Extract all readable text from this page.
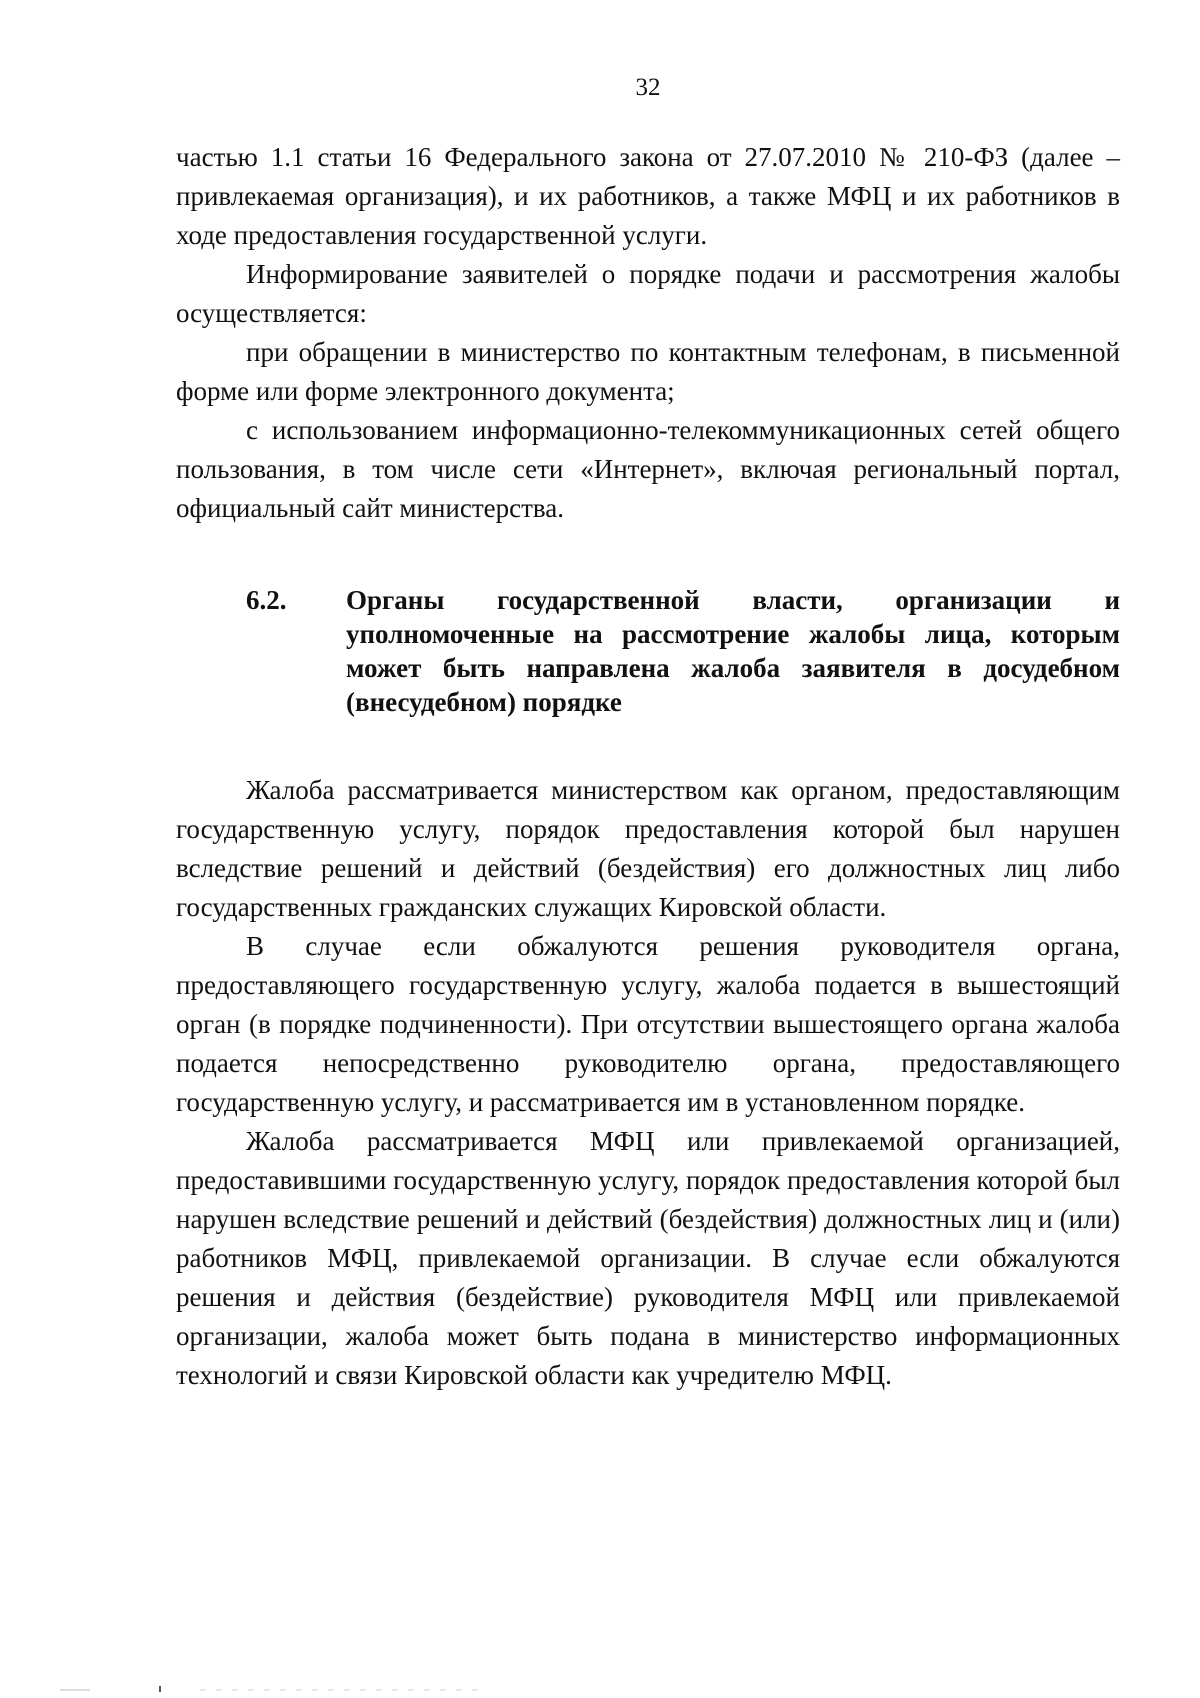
32

частью 1.1 статьи 16 Федерального закона от 27.07.2010 № 210-ФЗ (далее – привлекаемая организация), и их работников, а также МФЦ и их работников в ходе предоставления государственной услуги.

Информирование заявителей о порядке подачи и рассмотрения жалобы осуществляется:

при обращении в министерство по контактным телефонам, в письменной форме или форме электронного документа;

с использованием информационно-телекоммуникационных сетей общего пользования, в том числе сети «Интернет», включая региональный портал, официальный сайт министерства.

6.2.	Органы государственной власти, организации и уполномоченные на рассмотрение жалобы лица, которым может быть направлена жалоба заявителя в досудебном (внесудебном) порядке

Жалоба рассматривается министерством как органом, предоставляющим государственную услугу, порядок предоставления которой был нарушен вследствие решений и действий (бездействия) его должностных лиц либо государственных гражданских служащих Кировской области.

В случае если обжалуются решения руководителя органа, предоставляющего государственную услугу, жалоба подается в вышестоящий орган (в порядке подчиненности). При отсутствии вышестоящего органа жалоба подается непосредственно руководителю органа, предоставляющего государственную услугу, и рассматривается им в установленном порядке.

Жалоба рассматривается МФЦ или привлекаемой организацией, предоставившими государственную услугу, порядок предоставления которой был нарушен вследствие решений и действий (бездействия) должностных лиц и (или) работников МФЦ, привлекаемой организации. В случае если обжалуются решения и действия (бездействие) руководителя МФЦ или привлекаемой организации, жалоба может быть подана в министерство информационных технологий и связи Кировской области как учредителю МФЦ.
